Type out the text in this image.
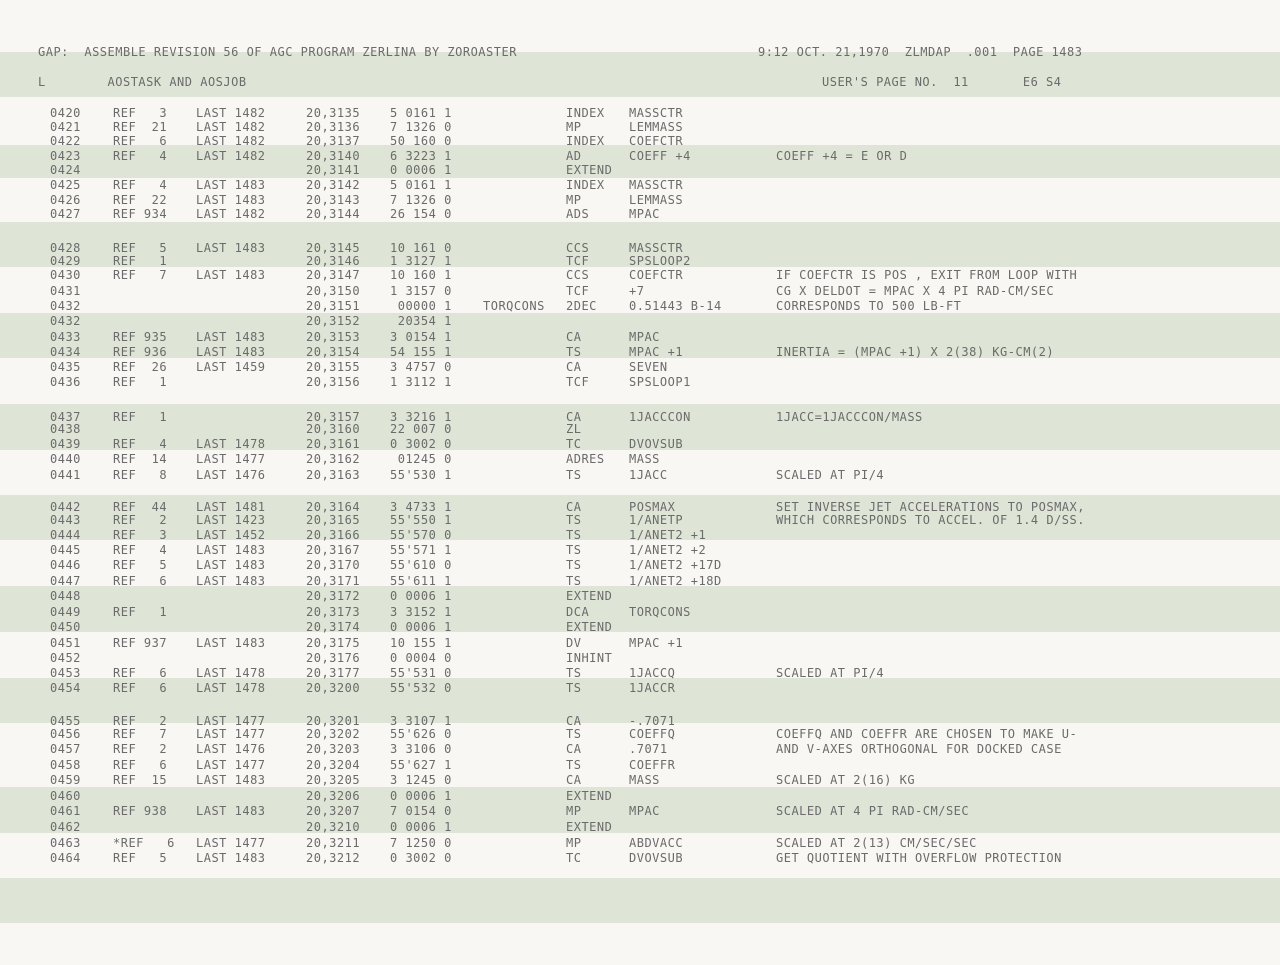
GAP:  ASSEMBLE REVISION 56 OF AGC PROGRAM ZERLINA BY ZOROASTER	9:12 OCT. 21,1970  ZLMDAP  .001  PAGE 1483
L        AOSTASK AND AOSJOB	USER'S PAGE NO.  11       E6 S4
0420	REF   3 LAST 1482	20,3135 5 0161 1	INDEX MASSCTR
0421	REF  21 LAST 1482	20,3136 7 1326 0	MP	LEMMASS
0422	REF   6 LAST 1482	20,3137 50 160 0	INDEX COEFCTR
0423	REF   4 LAST 1482	20,3140 6 3223 1	AD	COEFF +4	COEFF +4 = E OR D
0424	20,3141 0 0006 1	EXTEND
0425	REF   4 LAST 1483	20,3142 5 0161 1	INDEX MASSCTR
0426	REF  22 LAST 1483	20,3143 7 1326 0	MP	LEMMASS
0427	REF 934 LAST 1482	20,3144 26 154 0	ADS	MPAC
0428	REF   5 LAST 1483	20,3145 10 161 0	CCS	MASSCTR
0429	REF   1	20,3146 1 3127 1	TCF	SPSLOOP2
0430	REF   7 LAST 1483	20,3147 10 160 1	CCS	COEFCTR	IF COEFCTR IS POS , EXIT FROM LOOP WITH
0431	20,3150 1 3157 0	TCF	+7	CG X DELDOT = MPAC X 4 PI RAD-CM/SEC
0432	20,3151 00000 1	TORQCONS 2DEC	0.51443 B-14	CORRESPONDS TO 500 LB-FT
0432	20,3152 20354 1
0433	REF 935 LAST 1483	20,3153 3 0154 1	CA	MPAC
0434	REF 936 LAST 1483	20,3154 54 155 1	TS	MPAC +1	INERTIA = (MPAC +1) X 2(38) KG-CM(2)
0435	REF  26 LAST 1459	20,3155 3 4757 0	CA	SEVEN
0436	REF   1	20,3156 1 3112 1	TCF	SPSLOOP1
0437	REF   1	20,3157 3 3216 1	CA	1JACCCON	1JACC=1JACCCON/MASS
0438	20,3160 22 007 0	ZL
0439	REF   4 LAST 1478	20,3161 0 3002 0	TC	DVOVSUB
0440	REF  14 LAST 1477	20,3162 01245 0	ADRES MASS
0441	REF   8 LAST 1476	20,3163 55'530 1	TS	1JACC	SCALED AT PI/4
0442	REF  44 LAST 1481	20,3164 3 4733 1	CA	POSMAX	SET INVERSE JET ACCELERATIONS TO POSMAX,
0443	REF   2 LAST 1423	20,3165 55'550 1	TS	1/ANETP	WHICH CORRESPONDS TO ACCEL. OF 1.4 D/SS.
0444	REF   3 LAST 1452	20,3166 55'570 0	TS	1/ANET2 +1
0445	REF   4 LAST 1483	20,3167 55'571 1	TS	1/ANET2 +2
0446	REF   5 LAST 1483	20,3170 55'610 0	TS	1/ANET2 +17D
0447	REF   6 LAST 1483	20,3171 55'611 1	TS	1/ANET2 +18D
0448	20,3172 0 0006 1	EXTEND
0449	REF   1	20,3173 3 3152 1	DCA	TORQCONS
0450	20,3174 0 0006 1	EXTEND
0451	REF 937 LAST 1483	20,3175 10 155 1	DV	MPAC +1
0452	20,3176 0 0004 0	INHINT
0453	REF   6 LAST 1478	20,3177 55'531 0	TS	1JACCQ	SCALED AT PI/4
0454	REF   6 LAST 1478	20,3200 55'532 0	TS	1JACCR
0455	REF   2 LAST 1477	20,3201 3 3107 1	CA	-.7071
0456	REF   7 LAST 1477	20,3202 55'626 0	TS	COEFFQ	COEFFQ AND COEFFR ARE CHOSEN TO MAKE U-
0457	REF   2 LAST 1476	20,3203 3 3106 0	CA	.7071	AND V-AXES ORTHOGONAL FOR DOCKED CASE
0458	REF   6 LAST 1477	20,3204 55'627 1	TS	COEFFR
0459	REF  15 LAST 1483	20,3205 3 1245 0	CA	MASS	SCALED AT 2(16) KG
0460	20,3206 0 0006 1	EXTEND
0461	REF 938 LAST 1483	20,3207 7 0154 0	MP	MPAC	SCALED AT 4 PI RAD-CM/SEC
0462	20,3210 0 0006 1	EXTEND
0463	*REF   6 LAST 1477	20,3211 7 1250 0	MP	ABDVACC	SCALED AT 2(13) CM/SEC/SEC
0464	REF   5 LAST 1483	20,3212 0 3002 0	TC	DVOVSUB	GET QUOTIENT WITH OVERFLOW PROTECTION
